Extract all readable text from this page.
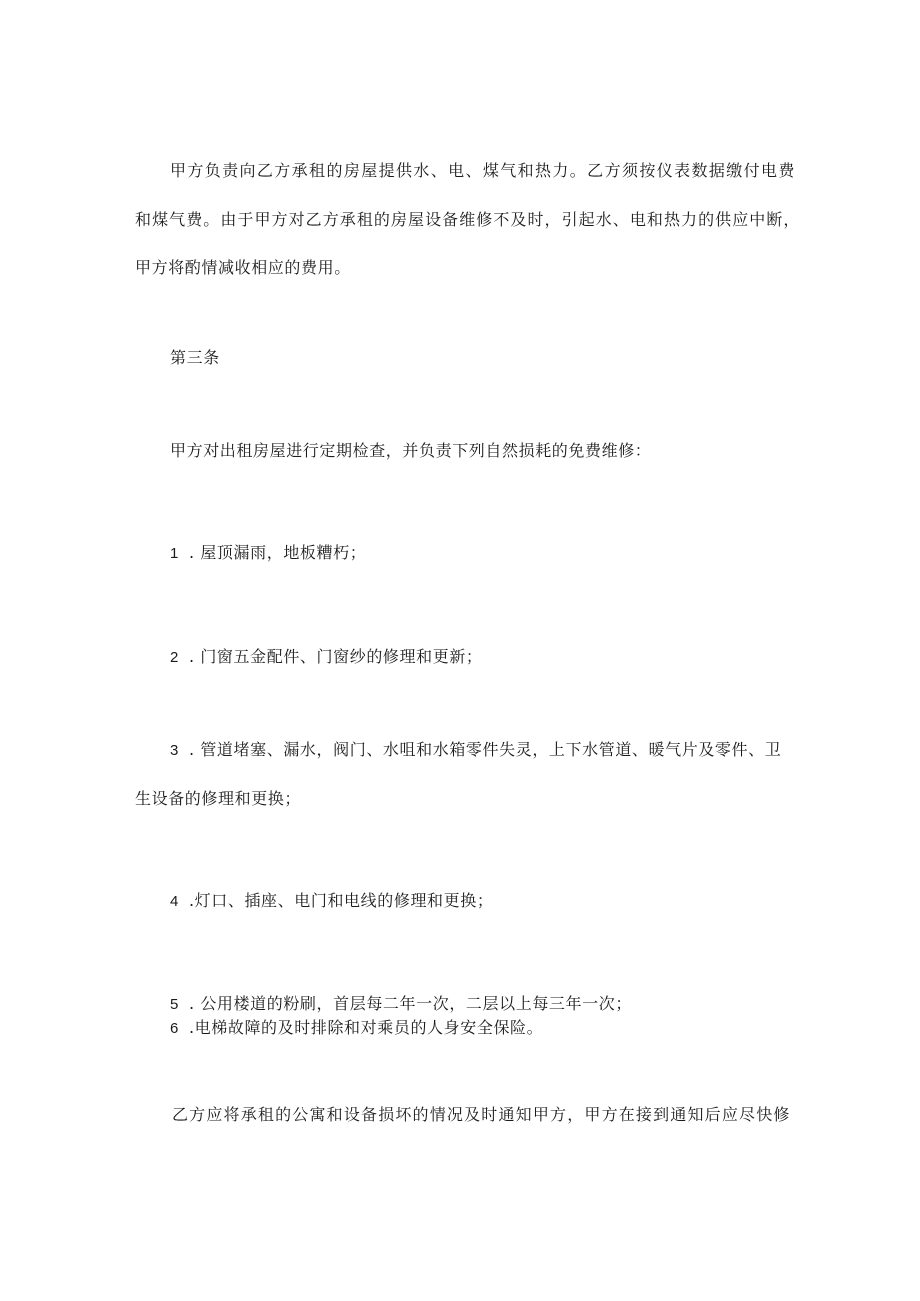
甲方负责向乙方承租的房屋提供水、电、煤气和热力。乙方须按仪表数据缴付电费
和煤气费。由于甲方对乙方承租的房屋设备维修不及时，引起水、电和热力的供应中断，
甲方将酌情减收相应的费用。
第三条
甲方对出租房屋进行定期检查，并负责下列自然损耗的免费维修：
1 . 屋顶漏雨，地板糟朽；
2 . 门窗五金配件、门窗纱的修理和更新；
3 . 管道堵塞、漏水，阀门、水咀和水箱零件失灵，上下水管道、暖气片及零件、卫
生设备的修理和更换；
4 .灯口、插座、电门和电线的修理和更换；
5 . 公用楼道的粉刷，首层每二年一次，二层以上每三年一次；
6 .电梯故障的及时排除和对乘员的人身安全保险。
乙方应将承租的公寓和设备损坏的情况及时通知甲方，甲方在接到通知后应尽快修
